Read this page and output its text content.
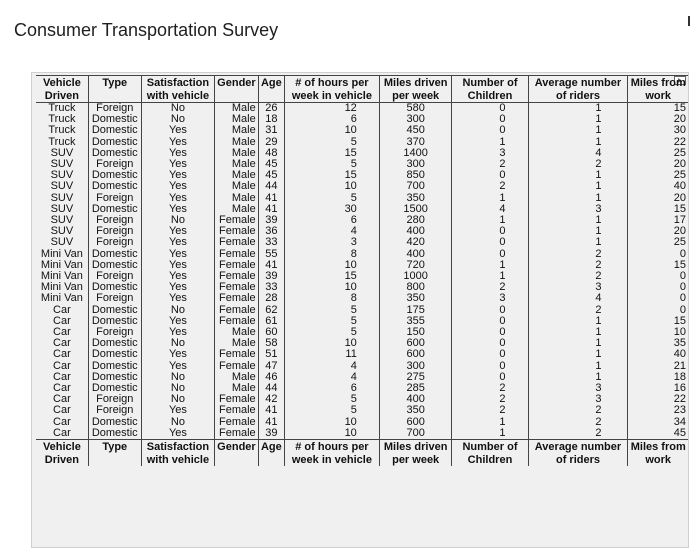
Consumer Transportation Survey
Vehicle	Type	Satisfaction	Gender	Age	# of hours per	Miles driven	Number of	Average number	Miles from
Driven		with vehicle			week in vehicle	per week	Children	of riders	work
Truck	Foreign	No	Male	26	12	580	0	1	15
Truck	Domestic	No	Male	18	6	300	0	1	20
Truck	Domestic	Yes	Male	31	10	450	0	1	30
Truck	Domestic	Yes	Male	29	5	370	1	1	22
SUV	Domestic	Yes	Male	48	15	1400	3	4	25
SUV	Foreign	Yes	Male	45	5	300	2	2	20
SUV	Domestic	Yes	Male	45	15	850	0	1	25
SUV	Domestic	Yes	Male	44	10	700	2	1	40
SUV	Foreign	Yes	Male	41	5	350	1	1	20
SUV	Domestic	Yes	Male	41	30	1500	4	3	15
SUV	Foreign	No	Female	39	6	280	1	1	17
SUV	Foreign	Yes	Female	36	4	400	0	1	20
SUV	Foreign	Yes	Female	33	3	420	0	1	25
Mini Van	Domestic	Yes	Female	55	8	400	0	2	0
Mini Van	Domestic	Yes	Female	41	10	720	1	2	15
Mini Van	Foreign	Yes	Female	39	15	1000	1	2	0
Mini Van	Domestic	Yes	Female	33	10	800	2	3	0
Mini Van	Foreign	Yes	Female	28	8	350	3	4	0
Car	Domestic	No	Female	62	5	175	0	2	0
Car	Domestic	Yes	Female	61	5	355	0	1	15
Car	Foreign	Yes	Male	60	5	150	0	1	10
Car	Domestic	No	Male	58	10	600	0	1	35
Car	Domestic	Yes	Female	51	11	600	0	1	40
Car	Domestic	Yes	Female	47	4	300	0	1	21
Car	Domestic	No	Male	46	4	275	0	1	18
Car	Domestic	No	Male	44	6	285	2	3	16
Car	Foreign	No	Female	42	5	400	2	3	22
Car	Foreign	Yes	Female	41	5	350	2	2	23
Car	Domestic	No	Female	41	10	600	1	2	34
Car	Domestic	Yes	Female	39	10	700	1	2	45
Vehicle	Type	Satisfaction	Gender	Age	# of hours per	Miles driven	Number of	Average number	Miles from
Driven		with vehicle			week in vehicle	per week	Children	of riders	work
